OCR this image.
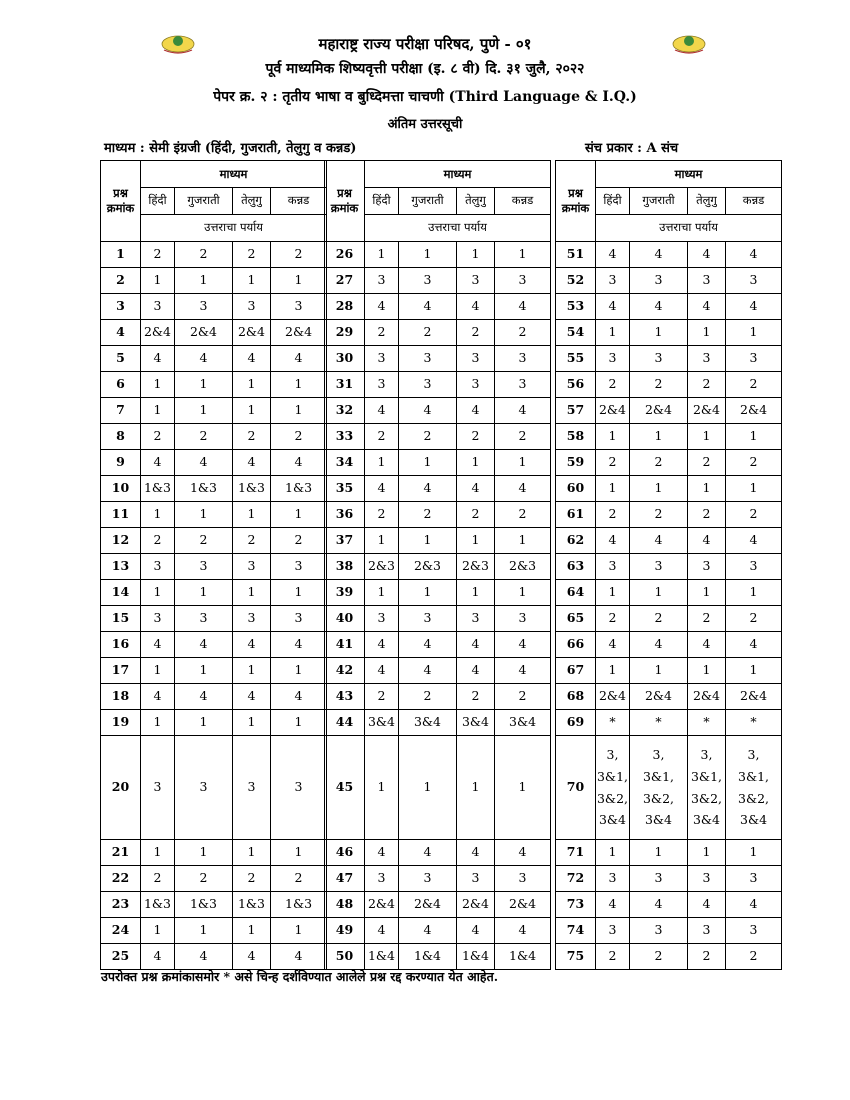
महाराष्ट्र राज्य परीक्षा परिषद, पुणे - ०१
पूर्व माध्यमिक शिष्यवृत्ती परीक्षा (इ. ८ वी) दि. ३१ जुलै, २०२२
पेपर क्र. २ : तृतीय भाषा व बुध्दिमत्ता चाचणी (Third Language & I.Q.)
अंतिम उत्तरसूची
माध्यम : सेमी इंग्रजी (हिंदी, गुजराती, तेलुगु व कन्नड)	संच प्रकार : A संच
प्रश्न
क्रमांक	माध्यम			
	हिंदी	गुजराती	तेलुगु	कन्नड
	उत्तराचा पर्याय			
1	2	2	2	2
2	1	1	1	1
3	3	3	3	3
4	2&4	2&4	2&4	2&4
5	4	4	4	4
6	1	1	1	1
7	1	1	1	1
8	2	2	2	2
9	4	4	4	4
10	1&3	1&3	1&3	1&3
11	1	1	1	1
12	2	2	2	2
13	3	3	3	3
14	1	1	1	1
15	3	3	3	3
16	4	4	4	4
17	1	1	1	1
18	4	4	4	4
19	1	1	1	1
20	3	3	3	3
21	1	1	1	1
22	2	2	2	2
23	1&3	1&3	1&3	1&3
24	1	1	1	1
25	4	4	4	4
प्रश्न
क्रमांक	माध्यम			
	हिंदी	गुजराती	तेलुगु	कन्नड
	उत्तराचा पर्याय			
26	1	1	1	1
27	3	3	3	3
28	4	4	4	4
29	2	2	2	2
30	3	3	3	3
31	3	3	3	3
32	4	4	4	4
33	2	2	2	2
34	1	1	1	1
35	4	4	4	4
36	2	2	2	2
37	1	1	1	1
38	2&3	2&3	2&3	2&3
39	1	1	1	1
40	3	3	3	3
41	4	4	4	4
42	4	4	4	4
43	2	2	2	2
44	3&4	3&4	3&4	3&4
45	1	1	1	1
46	4	4	4	4
47	3	3	3	3
48	2&4	2&4	2&4	2&4
49	4	4	4	4
50	1&4	1&4	1&4	1&4
प्रश्न
क्रमांक	माध्यम			
	हिंदी	गुजराती	तेलुगु	कन्नड
	उत्तराचा पर्याय			
51	4	4	4	4
52	3	3	3	3
53	4	4	4	4
54	1	1	1	1
55	3	3	3	3
56	2	2	2	2
57	2&4	2&4	2&4	2&4
58	1	1	1	1
59	2	2	2	2
60	1	1	1	1
61	2	2	2	2
62	4	4	4	4
63	3	3	3	3
64	1	1	1	1
65	2	2	2	2
66	4	4	4	4
67	1	1	1	1
68	2&4	2&4	2&4	2&4
69	*	*	*	*
70	3,
3&1,
3&2,
3&4	3,
3&1,
3&2,
3&4	3,
3&1,
3&2,
3&4	3,
3&1,
3&2,
3&4
71	1	1	1	1
72	3	3	3	3
73	4	4	4	4
74	3	3	3	3
75	2	2	2	2
उपरोक्त प्रश्न क्रमांकासमोर * असे चिन्ह दर्शविण्यात आलेले प्रश्न रद्द करण्यात येत आहेत.
